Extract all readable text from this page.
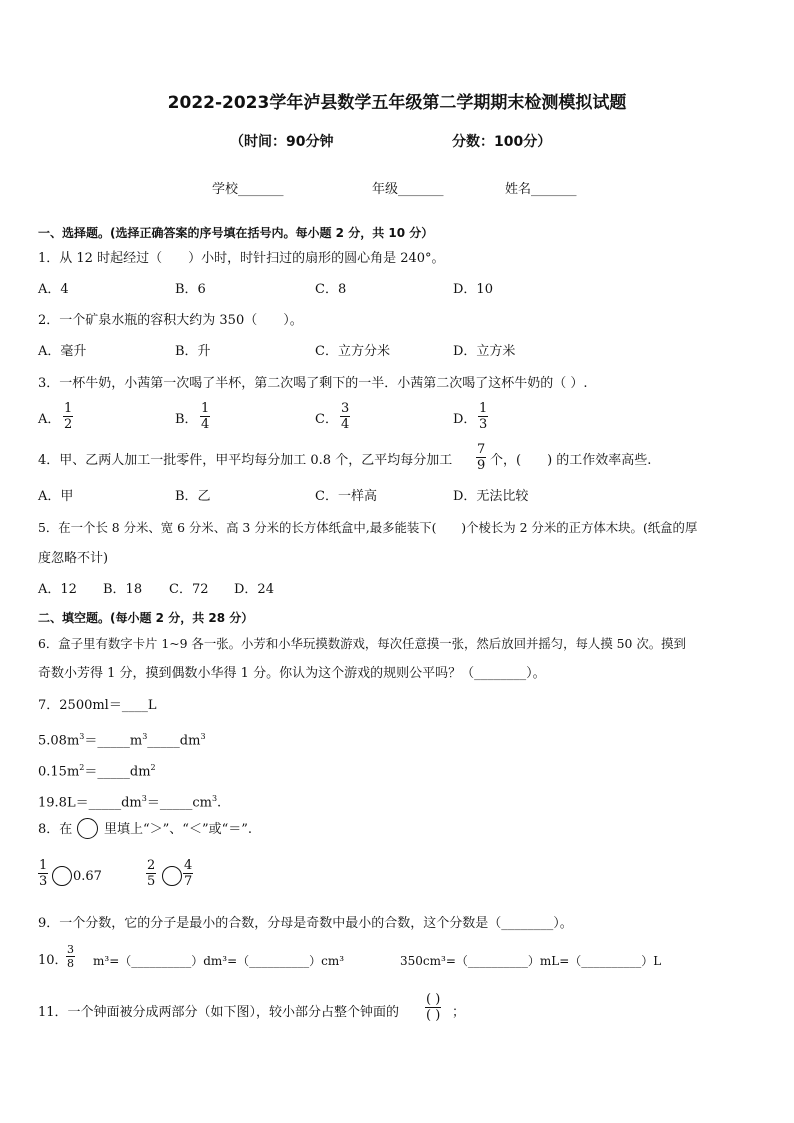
2022-2023学年泸县数学五年级第二学期期末检测模拟试题
（时间：90分钟	分数：100分）
学校_______	年级_______	姓名_______
一、选择题。(选择正确答案的序号填在括号内。每小题 2 分，共 10 分）
1．从 12 时起经过（　　）小时，时针扫过的扇形的圆心角是 240°。
A．4	B．6	C．8	D．10
2．一个矿泉水瓶的容积大约为 350（　　）。
A．毫升	B．升	C．立方分米	D．立方米
3．一杯牛奶，小茜第一次喝了半杯，第二次喝了剩下的一半．小茜第二次喝了这杯牛奶的（ ）.
A． $\frac{1}{2}$	B． $\frac{1}{4}$	C． $\frac{3}{4}$	D． $\frac{1}{3}$
4．甲、乙两人加工一批零件，甲平均每分加工 0.8 个，乙平均每分加工 $\frac{7}{9}$ 个，(　　) 的工作效率高些.
A．甲	B．乙	C．一样高	D．无法比较
5．在一个长 8 分米、宽 6 分米、高 3 分米的长方体纸盒中,最多能装下(　　)个棱长为 2 分米的正方体木块。(纸盒的厚
度忽略不计)
A．12 B．18 C．72 D．24
二、填空题。(每小题 2 分，共 28 分）
6．盒子里有数字卡片 1~9 各一张。小芳和小华玩摸数游戏，每次任意摸一张，然后放回并摇匀，每人摸 50 次。摸到
奇数小芳得 1 分，摸到偶数小华得 1 分。你认为这个游戏的规则公平吗？（________）。
7．2500ml＝____L
$5.08m^3=\_\_\_\_\_m^3\_\_\_\_\_dm^3$
$0.15m^2=\_\_\_\_\_dm^2$
$19.8L=\_\_\_\_\_dm^3=\_\_\_\_\_cm^3$.
8．在 里填上“＞”、“＜”或“＝”.
$\frac{1}{3} 0.67$	$\frac{2}{5} \frac{4}{7}$
9．一个分数，它的分子是最小的合数，分母是奇数中最小的合数，这个分数是（________）。
10．
$\frac{3}{8}$ m³=（__________）dm³=（__________）cm³	350cm³=（__________）mL=（__________）L
11．一个钟面被分成两部分（如下图），较小部分占整个钟面的
( )
( ) ；
